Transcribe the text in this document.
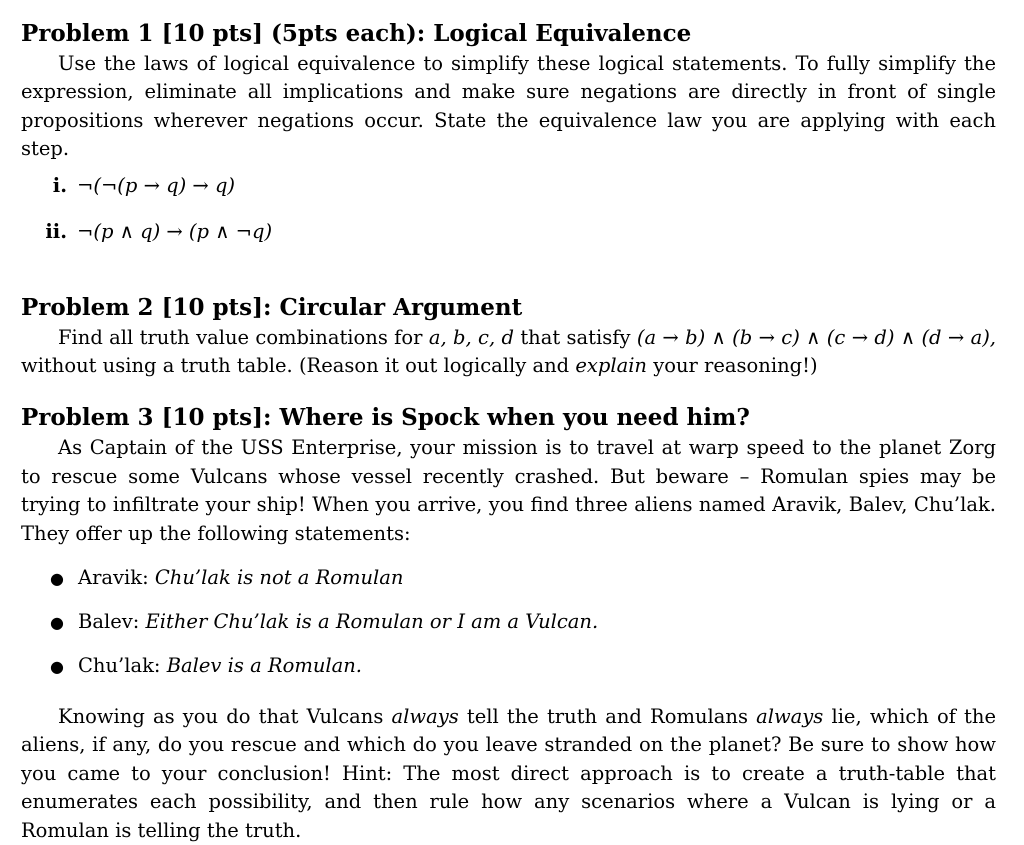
Problem 1 [10 pts] (5pts each): Logical Equivalence

Use the laws of logical equivalence to simplify these logical statements. To fully simplify the expression, eliminate all implications and make sure negations are directly in front of single propositions wherever negations occur. State the equivalence law you are applying with each step.

i. ¬(¬(p → q) → q)
ii. ¬(p ∧ q) → (p ∧ ¬q)
Problem 2 [10 pts]: Circular Argument

Find all truth value combinations for a, b, c, d that satisfy (a → b) ∧ (b → c) ∧ (c → d) ∧ (d → a), without using a truth table. (Reason it out logically and explain your reasoning!)

Problem 3 [10 pts]: Where is Spock when you need him?

As Captain of the USS Enterprise, your mission is to travel at warp speed to the planet Zorg to rescue some Vulcans whose vessel recently crashed. But beware – Romulan spies may be trying to infiltrate your ship! When you arrive, you find three aliens named Aravik, Balev, Chu’lak. They offer up the following statements:

● Aravik: Chu’lak is not a Romulan
● Balev: Either Chu’lak is a Romulan or I am a Vulcan.
● Chu’lak: Balev is a Romulan.

Knowing as you do that Vulcans always tell the truth and Romulans always lie, which of the aliens, if any, do you rescue and which do you leave stranded on the planet? Be sure to show how you came to your conclusion! Hint: The most direct approach is to create a truth-table that enumerates each possibility, and then rule how any scenarios where a Vulcan is lying or a Romulan is telling the truth.
